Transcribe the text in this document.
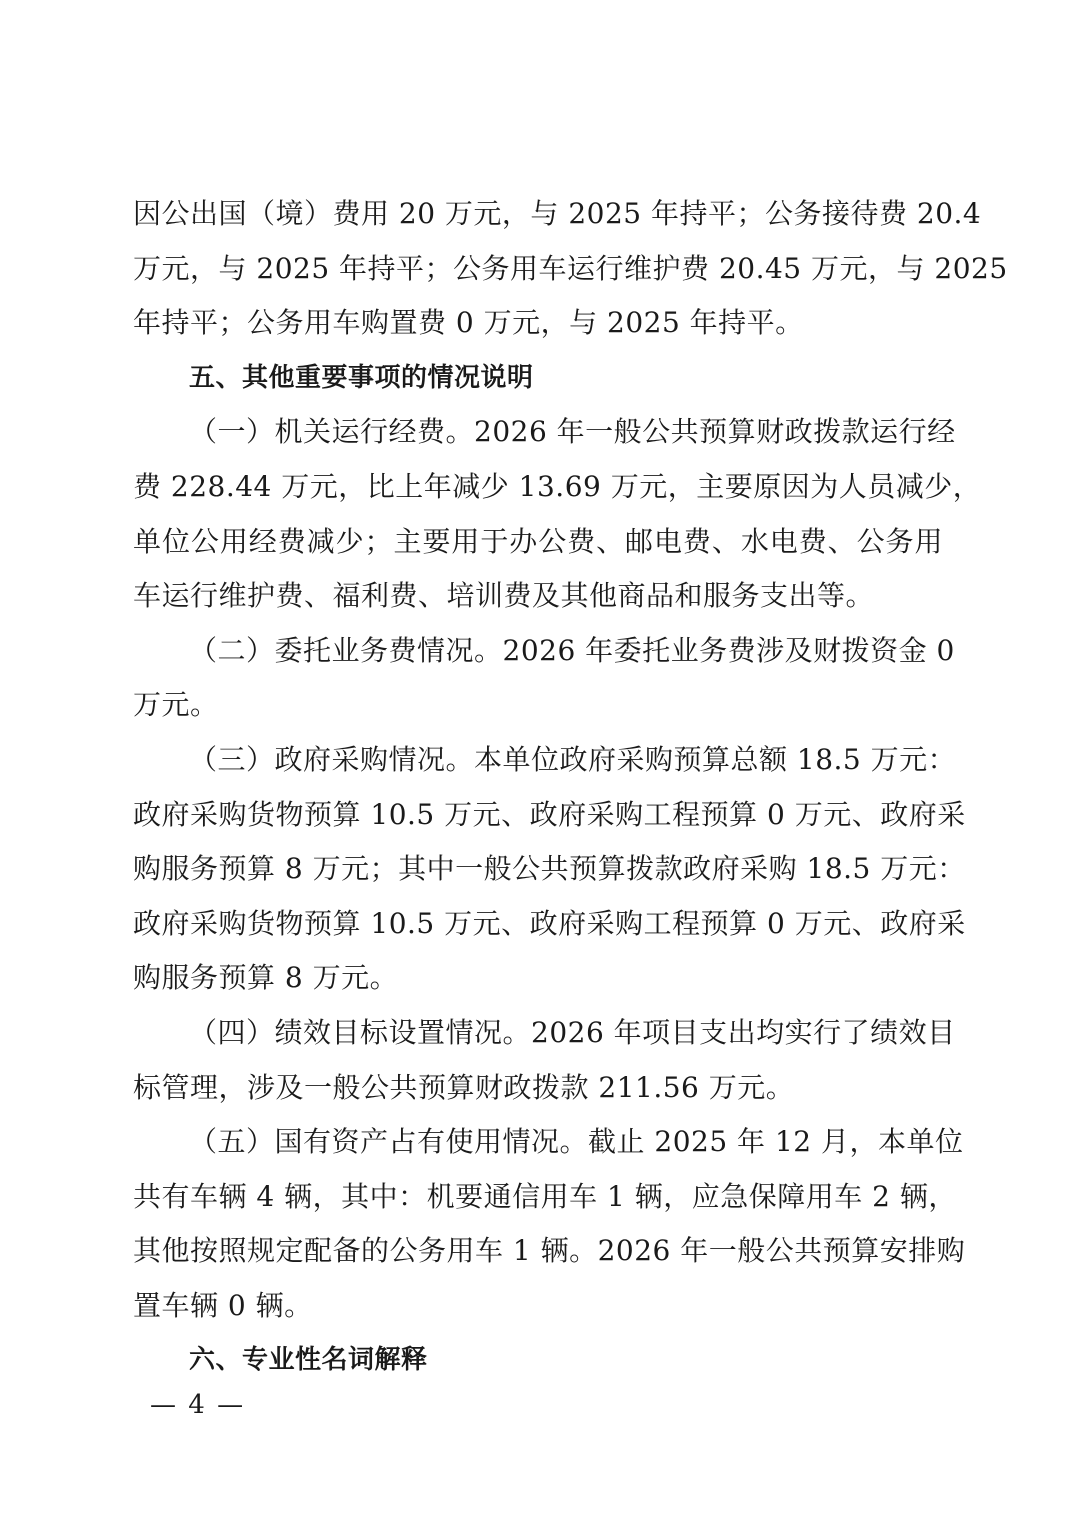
因公出国（境）费用 20 万元，与 2025 年持平；公务接待费 20.4
万元，与 2025 年持平；公务用车运行维护费 20.45 万元，与 2025
年持平；公务用车购置费 0 万元，与 2025 年持平。
五、其他重要事项的情况说明
（一）机关运行经费。2026 年一般公共预算财政拨款运行经
费 228.44 万元，比上年减少 13.69 万元，主要原因为人员减少，
单位公用经费减少；主要用于办公费、邮电费、水电费、公务用
车运行维护费、福利费、培训费及其他商品和服务支出等。
（二）委托业务费情况。2026 年委托业务费涉及财拨资金 0
万元。
（三）政府采购情况。本单位政府采购预算总额 18.5 万元：
政府采购货物预算 10.5 万元、政府采购工程预算 0 万元、政府采
购服务预算 8 万元；其中一般公共预算拨款政府采购 18.5 万元：
政府采购货物预算 10.5 万元、政府采购工程预算 0 万元、政府采
购服务预算 8 万元。
（四）绩效目标设置情况。2026 年项目支出均实行了绩效目
标管理，涉及一般公共预算财政拨款 211.56 万元。
（五）国有资产占有使用情况。截止 2025 年 12 月，本单位
共有车辆 4 辆，其中：机要通信用车 1 辆，应急保障用车 2 辆，
其他按照规定配备的公务用车 1 辆。2026 年一般公共预算安排购
置车辆 0 辆。
六、专业性名词解释
— 4 —
